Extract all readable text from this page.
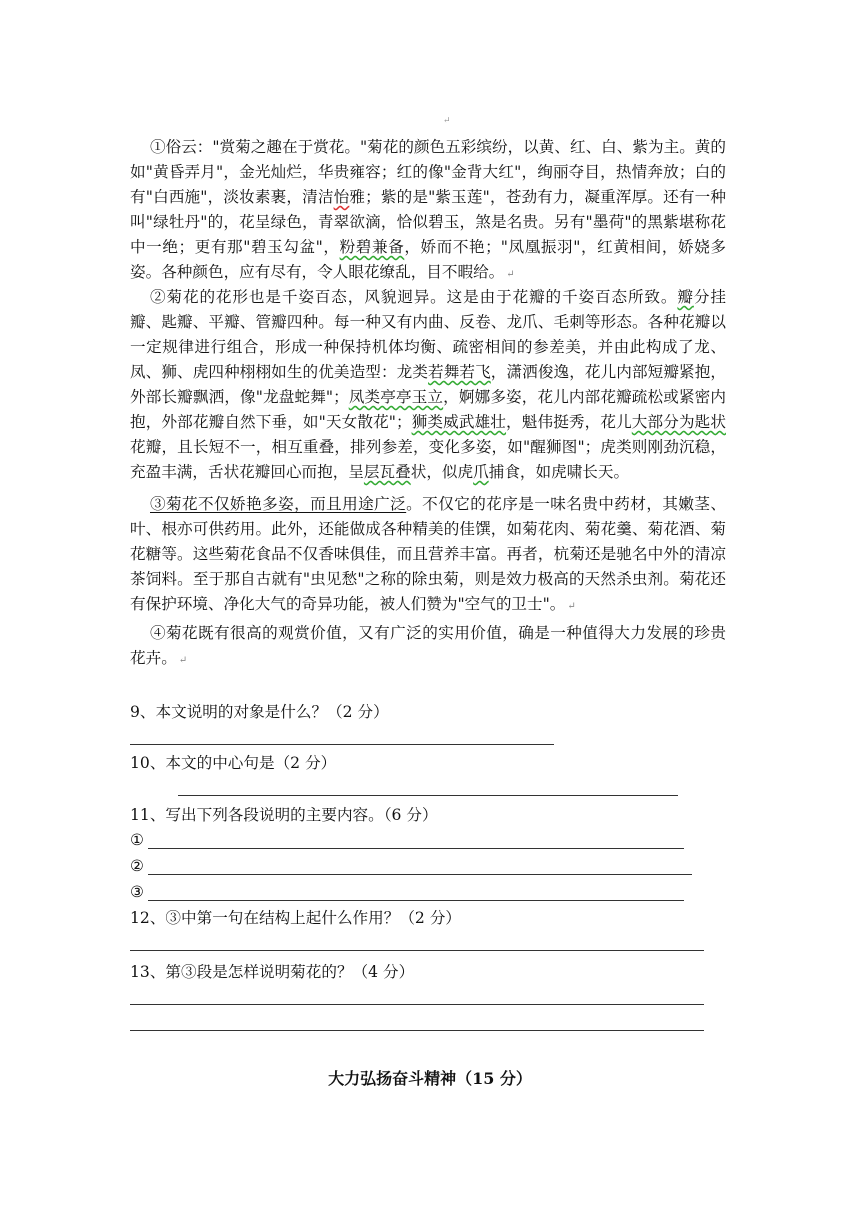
↵

①俗云："赏菊之趣在于赏花。"菊花的颜色五彩缤纷，以黄、红、白、紫为主。黄的如"黄昏弄月"，金光灿烂，华贵雍容；红的像"金背大红"，绚丽夺目，热情奔放；白的有"白西施"，淡妆素裹，清洁怡雅；紫的是"紫玉莲"，苍劲有力，凝重浑厚。还有一种叫"绿牡丹"的，花呈绿色，青翠欲滴，恰似碧玉，煞是名贵。另有"墨荷"的黑紫堪称花中一绝；更有那"碧玉勾盆"，粉碧兼备，娇而不艳；"凤凰振羽"，红黄相间，娇娆多姿。各种颜色，应有尽有，令人眼花缭乱，目不暇给。 ↵

②菊花的花形也是千姿百态，风貌迥异。这是由于花瓣的千姿百态所致。瓣分挂瓣、匙瓣、平瓣、管瓣四种。每一种又有内曲、反卷、龙爪、毛刺等形态。各种花瓣以一定规律进行组合，形成一种保持机体均衡、疏密相间的参差美，并由此构成了龙、凤、狮、虎四种栩栩如生的优美造型：龙类若舞若飞，潇洒俊逸，花儿内部短瓣紧抱，外部长瓣飘洒，像"龙盘蛇舞"；凤类亭亭玉立，婀娜多姿，花儿内部花瓣疏松或紧密内抱，外部花瓣自然下垂，如"天女散花"；狮类威武雄壮，魁伟挺秀，花儿大部分为匙状花瓣，且长短不一，相互重叠，排列参差，变化多姿，如"醒狮图"；虎类则刚劲沉稳，充盈丰满，舌状花瓣回心而抱，呈层瓦叠状，似虎爪捕食，如虎啸长天。

③菊花不仅娇艳多姿，而且用途广泛。不仅它的花序是一味名贵中药材，其嫩茎、叶、根亦可供药用。此外，还能做成各种精美的佳馔，如菊花肉、菊花羹、菊花酒、菊花糖等。这些菊花食品不仅香味俱佳，而且营养丰富。再者，杭菊还是驰名中外的清凉茶饲料。至于那自古就有"虫见愁"之称的除虫菊，则是效力极高的天然杀虫剂。菊花还有保护环境、净化大气的奇异功能，被人们赞为"空气的卫士"。 ↵

④菊花既有很高的观赏价值，又有广泛的实用价值，确是一种值得大力发展的珍贵花卉。 ↵

9、本文说明的对象是什么？（2 分）

10、本文的中心句是（2 分）

11、写出下列各段说明的主要内容。（6 分）

①
②
③

12、③中第一句在结构上起什么作用？（2 分）

13、第③段是怎样说明菊花的？（4 分）

大力弘扬奋斗精神（15 分）
